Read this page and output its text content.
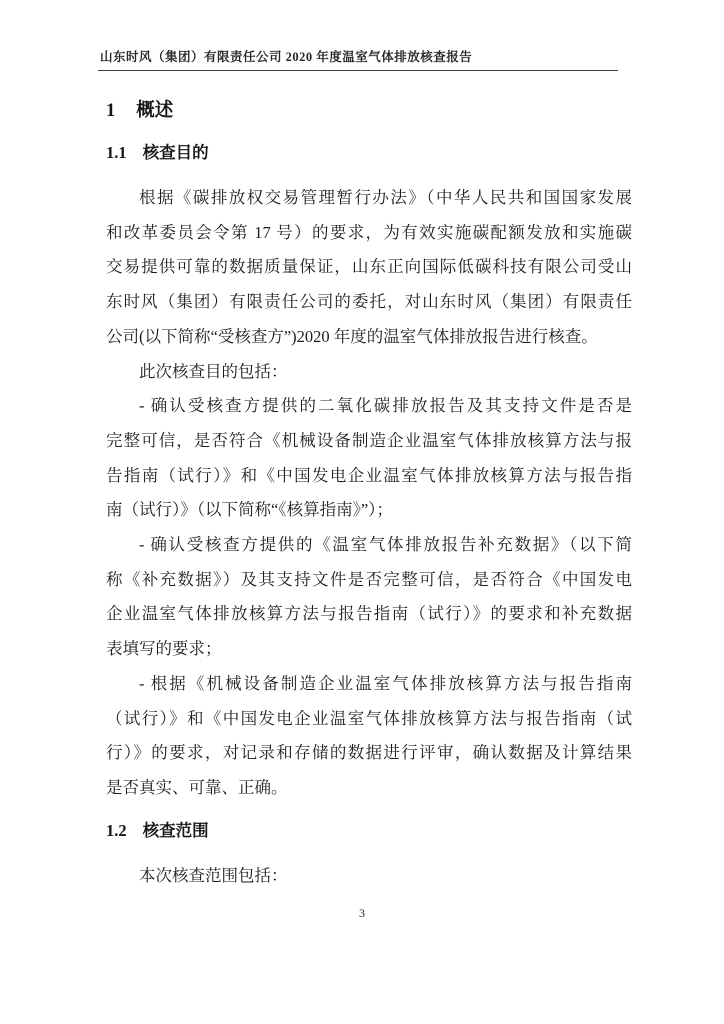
山东时风（集团）有限责任公司 2020 年度温室气体排放核查报告
1 概述
1.1 核查目的

根据《碳排放权交易管理暂行办法》（中华人民共和国国家发展
和改革委员会令第 17 号）的要求，为有效实施碳配额发放和实施碳
交易提供可靠的数据质量保证，山东正向国际低碳科技有限公司受山
东时风（集团）有限责任公司的委托，对山东时风（集团）有限责任
公司(以下简称“受核查方”)2020 年度的温室气体排放报告进行核查。

此次核查目的包括：

- 确认受核查方提供的二氧化碳排放报告及其支持文件是否是
完整可信，是否符合《机械设备制造企业温室气体排放核算方法与报
告指南（试行）》和《中国发电企业温室气体排放核算方法与报告指
南（试行）》（以下简称“《核算指南》”）；

- 确认受核查方提供的《温室气体排放报告补充数据》（以下简
称《补充数据》）及其支持文件是否完整可信，是否符合《中国发电
企业温室气体排放核算方法与报告指南（试行）》的要求和补充数据
表填写的要求；

- 根据《机械设备制造企业温室气体排放核算方法与报告指南
（试行）》和《中国发电企业温室气体排放核算方法与报告指南（试
行）》的要求，对记录和存储的数据进行评审，确认数据及计算结果
是否真实、可靠、正确。

1.2 核查范围

本次核查范围包括：

3
